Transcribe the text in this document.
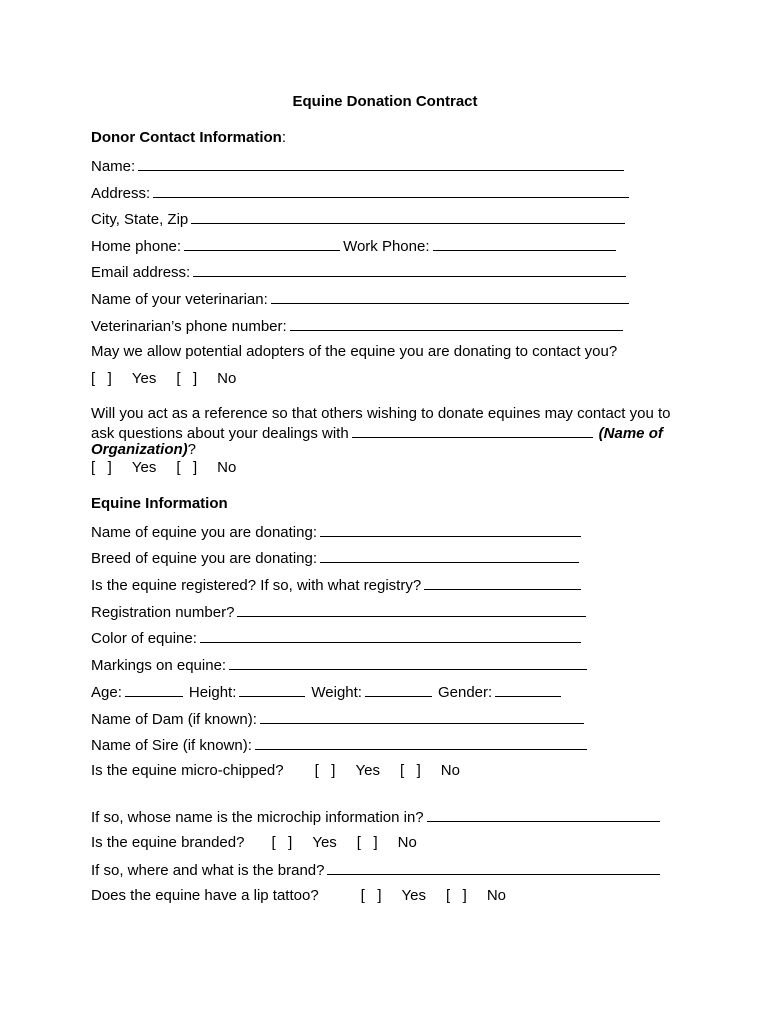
Equine Donation Contract
Donor Contact Information:
Name:
Address:
City, State, Zip
Home phone:	Work Phone:
Email address:
Name of your veterinarian:
Veterinarian’s phone number:
May we allow potential adopters of the equine you are donating to contact you?
[   ] Yes [   ] No
Will you act as a reference so that others wishing to donate equines may contact you to
ask questions about your dealings with	(Name of
Organization)?
[   ] Yes [   ] No
Equine Information
Name of equine you are donating:
Breed of equine you are donating:
Is the equine registered? If so, with what registry?
Registration number?
Color of equine:
Markings on equine:
Age:	Height:	Weight:	Gender:
Name of Dam (if known):
Name of Sire (if known):
Is the equine micro-chipped? [   ] Yes [   ] No
If so, whose name is the microchip information in?
Is the equine branded? [   ] Yes [   ] No
If so, where and what is the brand?
Does the equine have a lip tattoo?	[   ] Yes [   ] No
